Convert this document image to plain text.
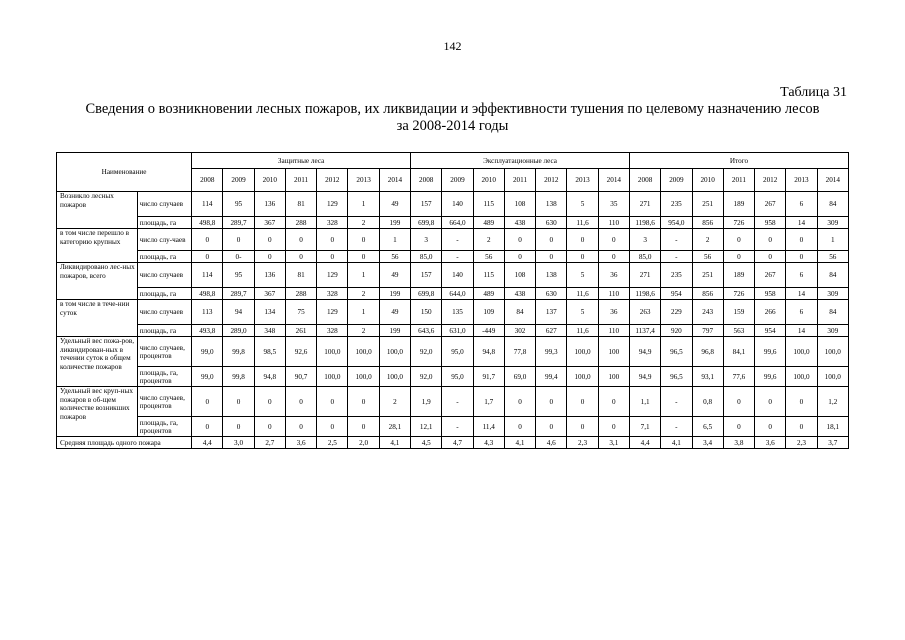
142
Таблица 31
Сведения о возникновении лесных пожаров, их ликвидации и эффективности тушения по целевому назначению лесов
за 2008-2014 годы
Наименование		Защитные леса							Эксплуатационные леса							Итого						
		2008	2009	2010	2011	2012	2013	2014	2008	2009	2010	2011	2012	2013	2014	2008	2009	2010	2011	2012	2013	2014
Возникло лесных пожаров	число случаев	114	95	136	81	129	1	49	157	140	115	108	138	5	35	271	235	251	189	267	6	84
	площадь, га	498,8	289,7	367	288	328	2	199	699,8	664,0	489	438	630	11,6	110	1198,6	954,0	856	726	958	14	309
в том числе перешло в категорию крупных	число слу-чаев	0	0	0	0	0	0	1	3	-	2	0	0	0	0	3	-	2	0	0	0	1
	площадь, га	0	0-	0	0	0	0	56	85,0	-	56	0	0	0	0	85,0	-	56	0	0	0	56
Ликвидировано лес-ных пожаров, всего	число случаев	114	95	136	81	129	1	49	157	140	115	108	138	5	36	271	235	251	189	267	6	84
	площадь, га	498,8	289,7	367	288	328	2	199	699,8	644,0	489	438	630	11,6	110	1198,6	954	856	726	958	14	309
в том числе в тече-нии суток	число случаев	113	94	134	75	129	1	49	150	135	109	84	137	5	36	263	229	243	159	266	6	84
	площадь, га	493,8	289,0	348	261	328	2	199	643,6	631,0	-449	302	627	11,6	110	1137,4	920	797	563	954	14	309
Удельный вес пожа-ров, ликвидирован-ных в течении суток в общем количестве пожаров	число случаев, процентов	99,0	99,8	98,5	92,6	100,0	100,0	100,0	92,0	95,0	94,8	77,8	99,3	100,0	100	94,9	96,5	96,8	84,1	99,6	100,0	100,0
	площадь, га, процентов	99,0	99,8	94,8	90,7	100,0	100,0	100,0	92,0	95,0	91,7	69,0	99,4	100,0	100	94,9	96,5	93,1	77,6	99,6	100,0	100,0
Удельный вес круп-ных пожаров в об-щем количестве возникших пожаров	число случаев, процентов	0	0	0	0	0	0	2	1,9	-	1,7	0	0	0	0	1,1	-	0,8	0	0	0	1,2
	площадь, га, процентов	0	0	0	0	0	0	28,1	12,1	-	11,4	0	0	0	0	7,1	-	6,5	0	0	0	18,1
Средняя площадь одного пожара		4,4	3,0	2,7	3,6	2,5	2,0	4,1	4,5	4,7	4,3	4,1	4,6	2,3	3,1	4,4	4,1	3,4	3,8	3,6	2,3	3,7
